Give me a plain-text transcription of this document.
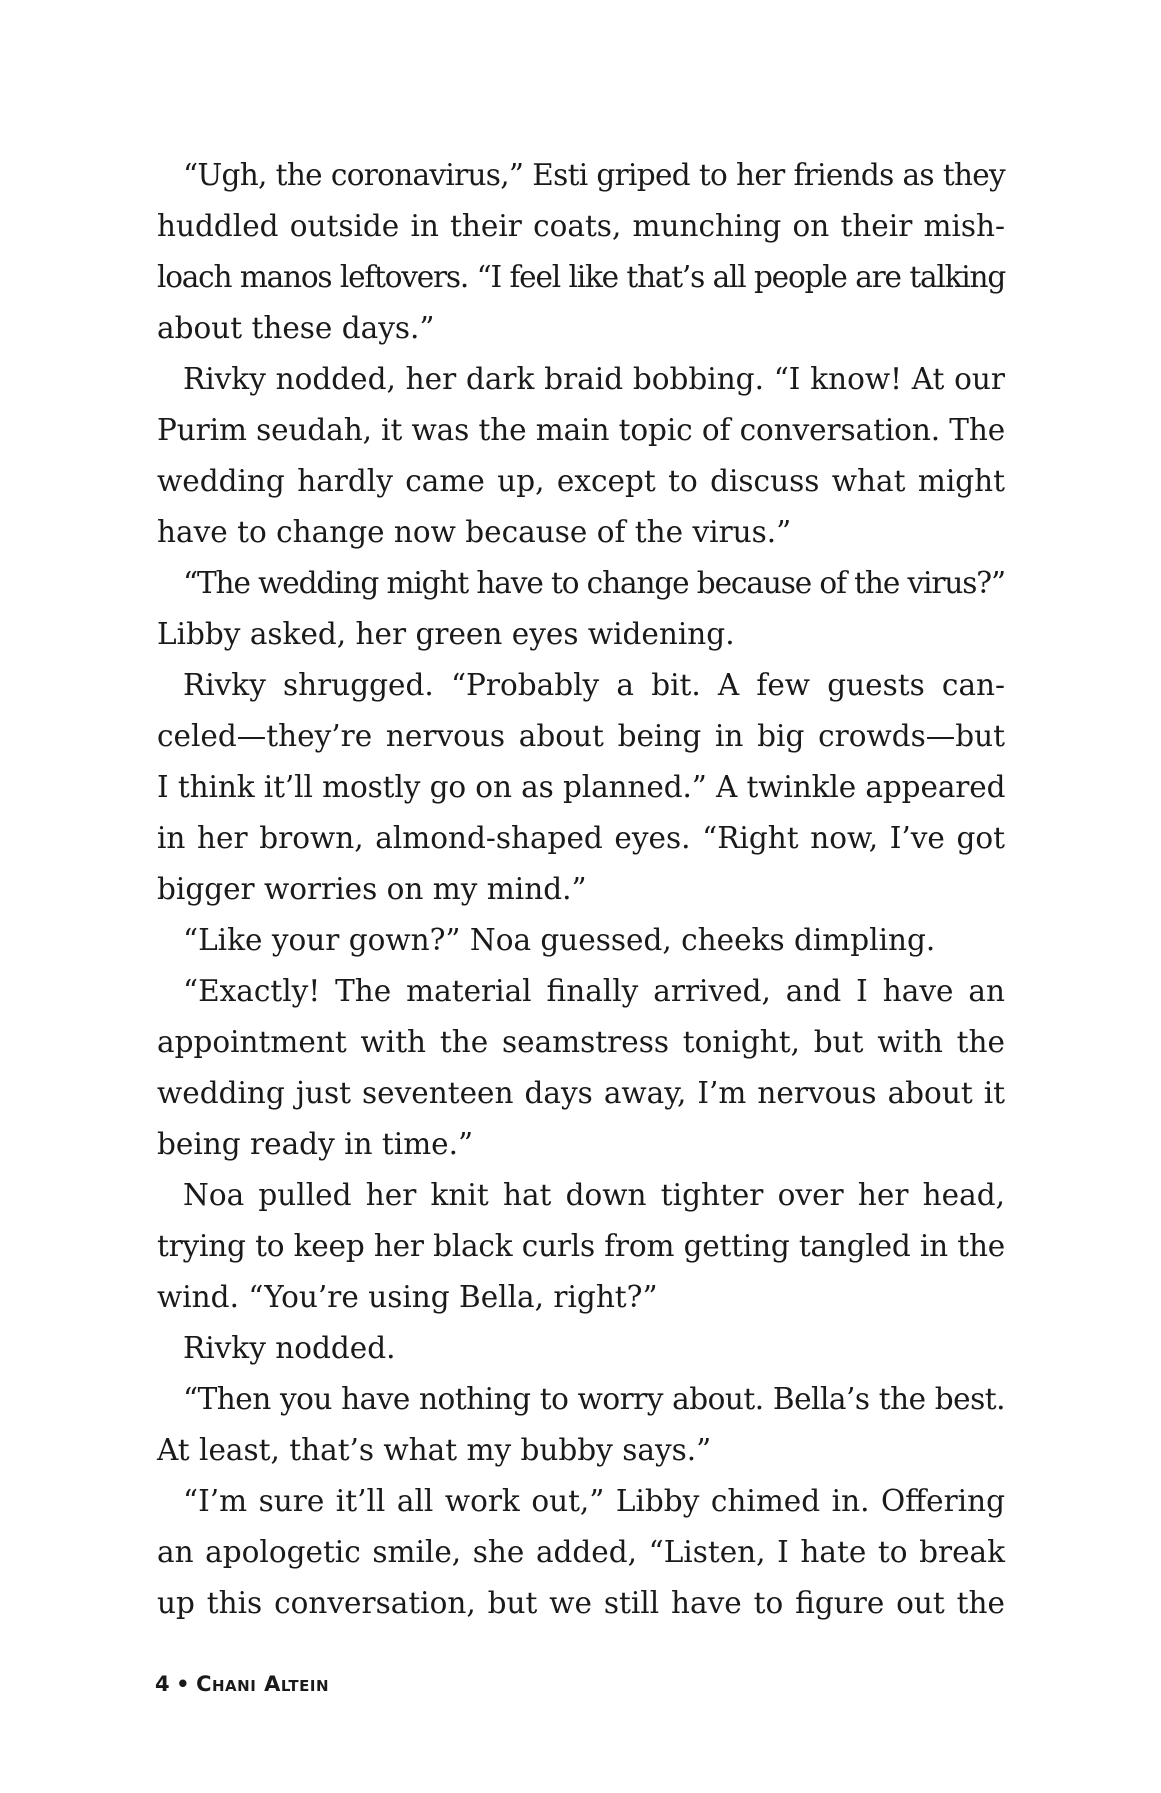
“Ugh, the coronavirus,” Esti griped to her friends as they
huddled outside in their coats, munching on their mish-
loach manos leftovers. “I feel like that’s all people are talking
about these days.”
Rivky nodded, her dark braid bobbing. “I know! At our
Purim seudah, it was the main topic of conversation. The
wedding hardly came up, except to discuss what might
have to change now because of the virus.”
“The wedding might have to change because of the virus?”
Libby asked, her green eyes widening.
Rivky shrugged. “Probably a bit. A few guests can-
celed—they’re nervous about being in big crowds—but
I think it’ll mostly go on as planned.” A twinkle appeared
in her brown, almond-shaped eyes. “Right now, I’ve got
bigger worries on my mind.”
“Like your gown?” Noa guessed, cheeks dimpling.
“Exactly! The material finally arrived, and I have an
appointment with the seamstress tonight, but with the
wedding just seventeen days away, I’m nervous about it
being ready in time.”
Noa pulled her knit hat down tighter over her head,
trying to keep her black curls from getting tangled in the
wind. “You’re using Bella, right?”
Rivky nodded.
“Then you have nothing to worry about. Bella’s the best.
At least, that’s what my bubby says.”
“I’m sure it’ll all work out,” Libby chimed in. Offering
an apologetic smile, she added, “Listen, I hate to break
up this conversation, but we still have to figure out the
4 • Chani Altein
